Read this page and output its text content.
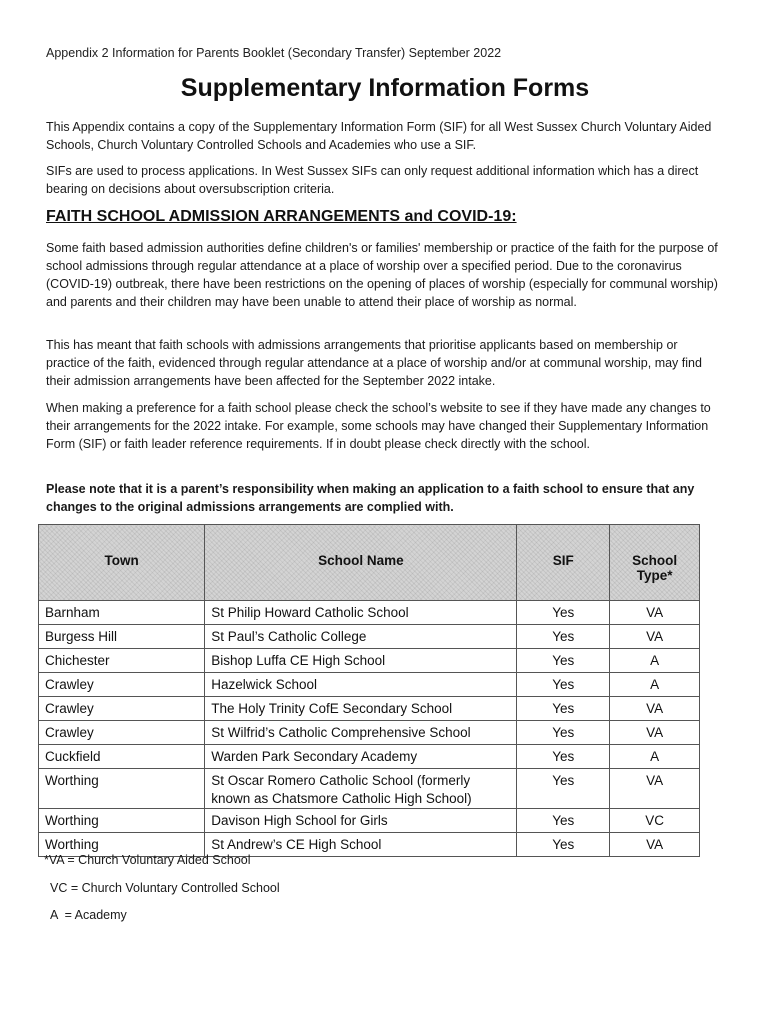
Appendix 2 Information for Parents Booklet (Secondary Transfer) September 2022
Supplementary Information Forms
This Appendix contains a copy of the Supplementary Information Form (SIF) for all West Sussex Church Voluntary Aided Schools, Church Voluntary Controlled Schools and Academies who use a SIF.
SIFs are used to process applications. In West Sussex SIFs can only request additional information which has a direct bearing on decisions about oversubscription criteria.
FAITH SCHOOL ADMISSION ARRANGEMENTS and COVID-19:
Some faith based admission authorities define children's or families' membership or practice of the faith for the purpose of school admissions through regular attendance at a place of worship over a specified period. Due to the coronavirus (COVID-19) outbreak, there have been restrictions on the opening of places of worship (especially for communal worship) and parents and their children may have been unable to attend their place of worship as normal.
This has meant that faith schools with admissions arrangements that prioritise applicants based on membership or practice of the faith, evidenced through regular attendance at a place of worship and/or at communal worship, may find their admission arrangements have been affected for the September 2022 intake.
When making a preference for a faith school please check the school’s website to see if they have made any changes to their arrangements for the 2022 intake. For example, some schools may have changed their Supplementary Information Form (SIF) or faith leader reference requirements. If in doubt please check directly with the school.
Please note that it is a parent’s responsibility when making an application to a faith school to ensure that any changes to the original admissions arrangements are complied with.
Town	School Name	SIF	School Type*
Barnham	St Philip Howard Catholic School	Yes	VA
Burgess Hill	St Paul’s Catholic College	Yes	VA
Chichester	Bishop Luffa CE High School	Yes	A
Crawley	Hazelwick School	Yes	A
Crawley	The Holy Trinity CofE Secondary School	Yes	VA
Crawley	St Wilfrid’s Catholic Comprehensive School	Yes	VA
Cuckfield	Warden Park Secondary Academy	Yes	A
Worthing	St Oscar Romero Catholic School (formerly known as Chatsmore Catholic High School)	Yes	VA
Worthing	Davison High School for Girls	Yes	VC
Worthing	St Andrew’s CE High School	Yes	VA
*VA = Church Voluntary Aided School
VC = Church Voluntary Controlled School
A  = Academy
